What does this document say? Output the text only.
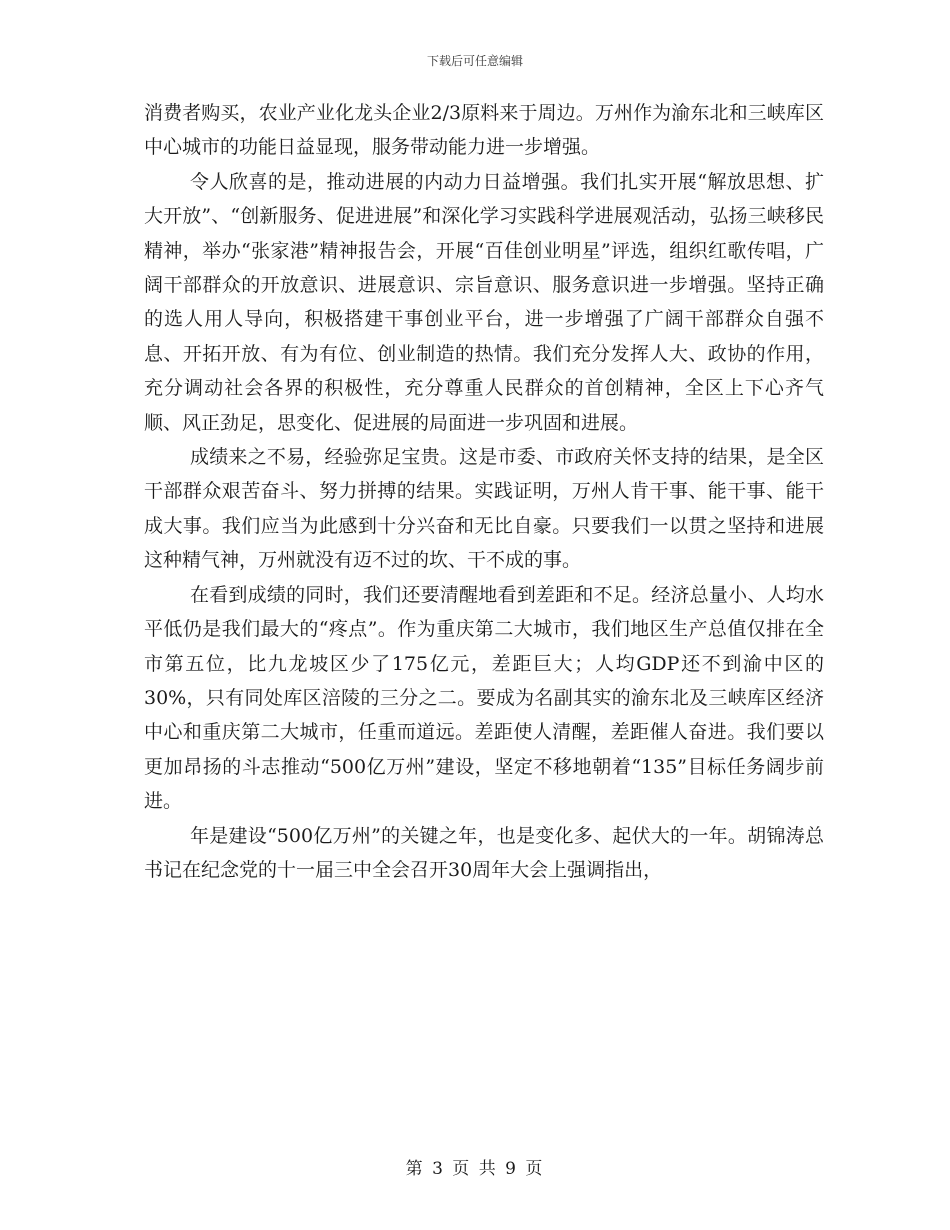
下载后可任意编辑

消费者购买，农业产业化龙头企业2/3原料来于周边。万州作为渝东北和三峡库区中心城市的功能日益显现，服务带动能力进一步增强。

令人欣喜的是，推动进展的内动力日益增强。我们扎实开展“解放思想、扩大开放”、“创新服务、促进进展”和深化学习实践科学进展观活动，弘扬三峡移民精神，举办“张家港”精神报告会，开展“百佳创业明星”评选，组织红歌传唱，广阔干部群众的开放意识、进展意识、宗旨意识、服务意识进一步增强。坚持正确的选人用人导向，积极搭建干事创业平台，进一步增强了广阔干部群众自强不息、开拓开放、有为有位、创业制造的热情。我们充分发挥人大、政协的作用，充分调动社会各界的积极性，充分尊重人民群众的首创精神，全区上下心齐气顺、风正劲足，思变化、促进展的局面进一步巩固和进展。

成绩来之不易，经验弥足宝贵。这是市委、市政府关怀支持的结果，是全区干部群众艰苦奋斗、努力拼搏的结果。实践证明，万州人肯干事、能干事、能干成大事。我们应当为此感到十分兴奋和无比自豪。只要我们一以贯之坚持和进展这种精气神，万州就没有迈不过的坎、干不成的事。

在看到成绩的同时，我们还要清醒地看到差距和不足。经济总量小、人均水平低仍是我们最大的“疼点”。作为重庆第二大城市，我们地区生产总值仅排在全市第五位，比九龙坡区少了175亿元，差距巨大；人均GDP还不到渝中区的30%，只有同处库区涪陵的三分之二。要成为名副其实的渝东北及三峡库区经济中心和重庆第二大城市，任重而道远。差距使人清醒，差距催人奋进。我们要以更加昂扬的斗志推动“500亿万州”建设，坚定不移地朝着“135”目标任务阔步前进。

年是建设“500亿万州”的关键之年，也是变化多、起伏大的一年。胡锦涛总书记在纪念党的十一届三中全会召开30周年大会上强调指出，

第 3 页 共 9 页
